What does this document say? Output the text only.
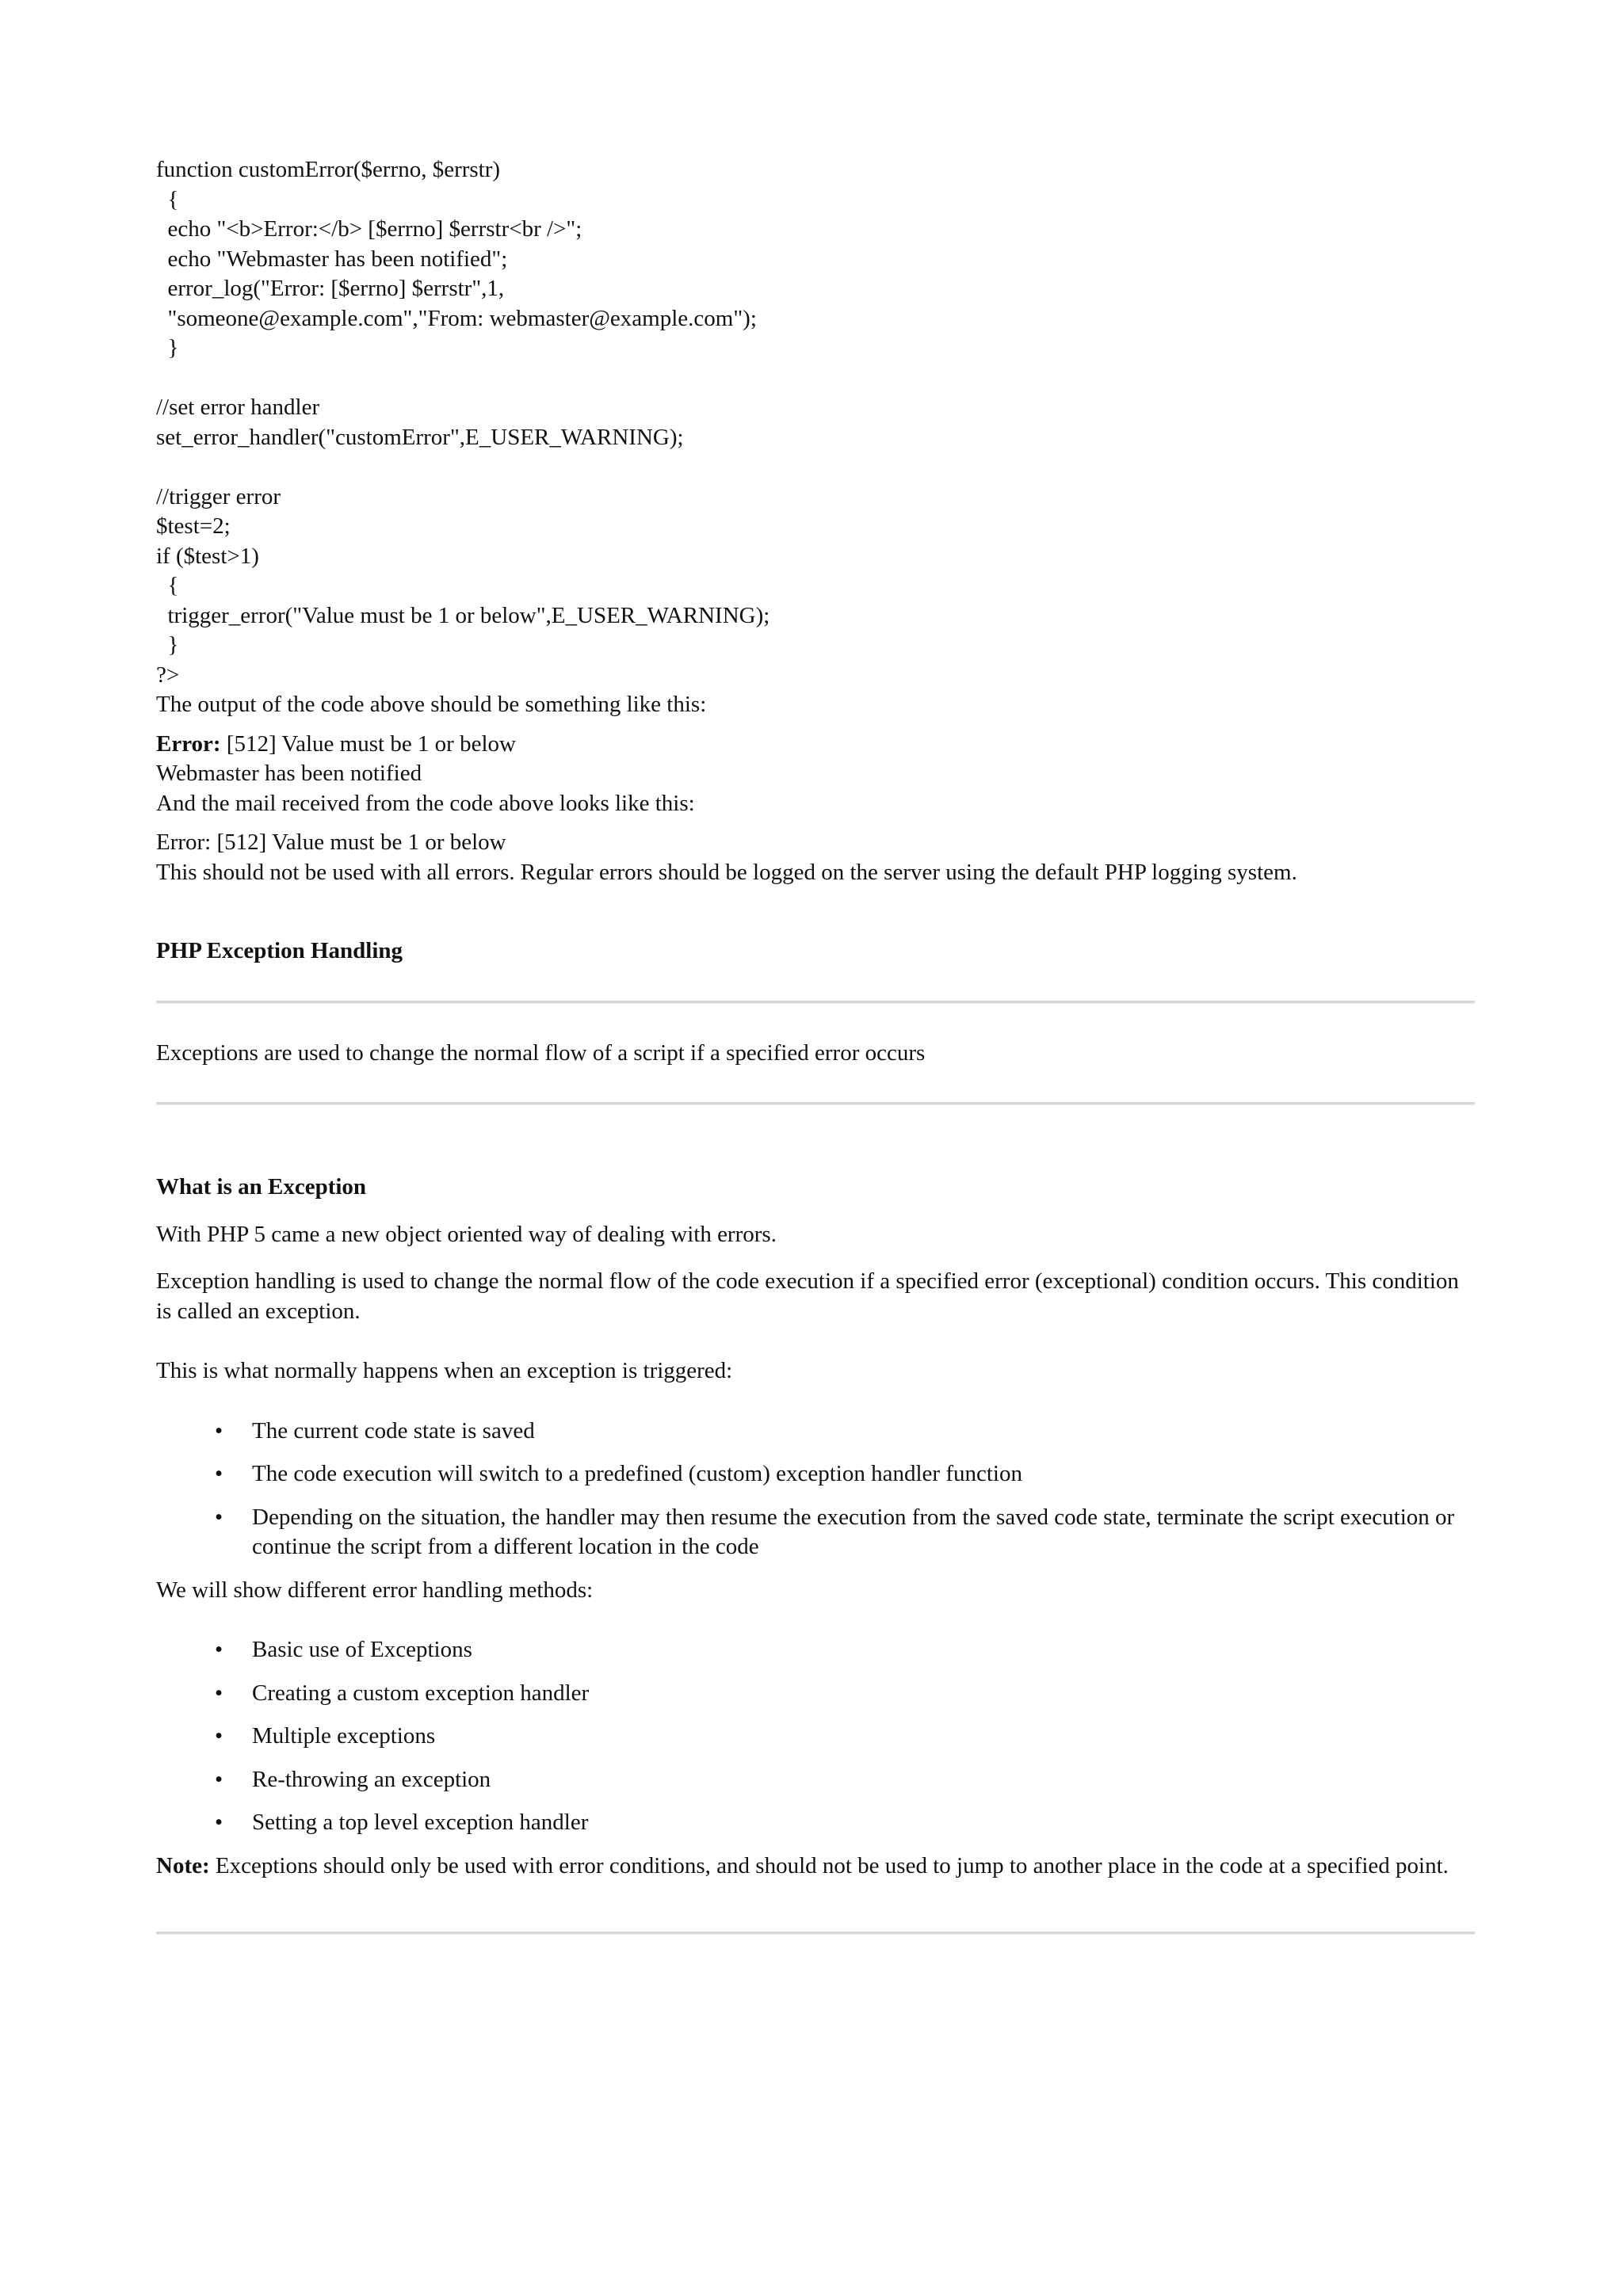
function customError($errno, $errstr)
{
echo "<b>Error:</b> [$errno] $errstr<br />";
echo "Webmaster has been notified";
error_log("Error: [$errno] $errstr",1,
"someone@example.com","From: webmaster@example.com");
}
//set error handler
set_error_handler("customError",E_USER_WARNING);
//trigger error
$test=2;
if ($test>1)
{
trigger_error("Value must be 1 or below",E_USER_WARNING);
}
?>

The output of the code above should be something like this:

Error: [512] Value must be 1 or below

Webmaster has been notified

And the mail received from the code above looks like this:

Error: [512] Value must be 1 or below

This should not be used with all errors. Regular errors should be logged on the server using the default PHP logging system.

PHP Exception Handling

Exceptions are used to change the normal flow of a script if a specified error occurs

What is an Exception

With PHP 5 came a new object oriented way of dealing with errors.

Exception handling is used to change the normal flow of the code execution if a specified error (exceptional) condition occurs. This condition is called an exception.

This is what normally happens when an exception is triggered:

• The current code state is saved
• The code execution will switch to a predefined (custom) exception handler function
• Depending on the situation, the handler may then resume the execution from the saved code state, terminate the script execution or continue the script from a different location in the code

We will show different error handling methods:

• Basic use of Exceptions
• Creating a custom exception handler
• Multiple exceptions
• Re-throwing an exception
• Setting a top level exception handler

Note: Exceptions should only be used with error conditions, and should not be used to jump to another place in the code at a specified point.
